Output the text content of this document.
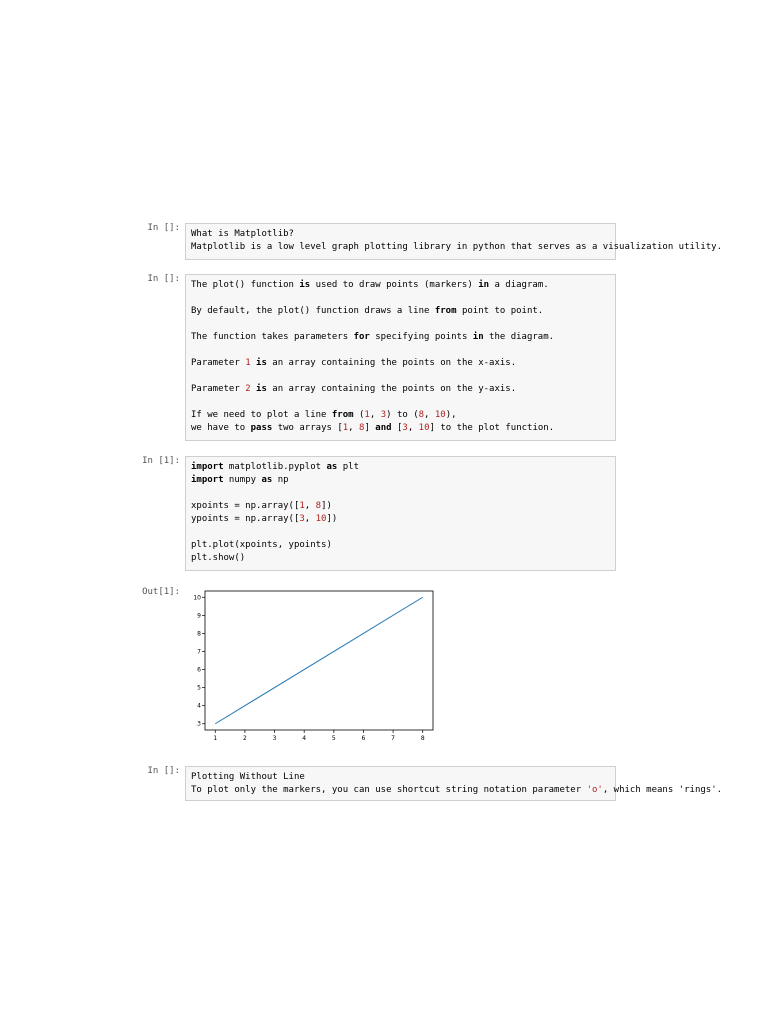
In []:
What is Matplotlib?
Matplotlib is a low level graph plotting library in python that serves as a visualization utility.
In []:
The plot() function is used to draw points (markers) in a diagram.
By default, the plot() function draws a line from point to point.
The function takes parameters for specifying points in the diagram.
Parameter 1 is an array containing the points on the x-axis.
Parameter 2 is an array containing the points on the y-axis.
If we need to plot a line from (1, 3) to (8, 10),
we have to pass two arrays [1, 8] and [3, 10] to the plot function.
In [1]:
import matplotlib.pyplot as plt
import numpy as np
xpoints = np.array([1, 8])
ypoints = np.array([3, 10])
plt.plot(xpoints, ypoints)
plt.show()
Out[1]:
1	2	3	4	5	6	7	8
3
4
5
6
7
8
9
10
In []:
Plotting Without Line
To plot only the markers, you can use shortcut string notation parameter 'o', which means 'rings'.
